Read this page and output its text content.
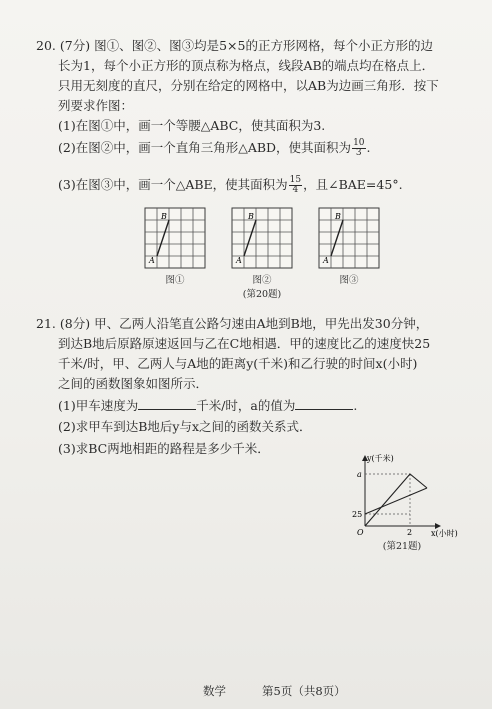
20. (7分) 图①、图②、图③均是5×5的正方形网格，每个小正方形的边
长为1，每个小正方形的顶点称为格点，线段AB的端点均在格点上．
只用无刻度的直尺，分别在给定的网格中，以AB为边画三角形．按下
列要求作图：
(1)在图①中，画一个等腰△ABC，使其面积为3.
(2)在图②中，画一个直角三角形△ABD，使其面积为 $\frac{10}{3}$ .
(3)在图③中，画一个△ABE，使其面积为 $\frac{15}{4}$ ，且∠BAE=45°.
B
A
B
A
B
A
图①	图②	图③
(第20题)
21. (8分) 甲、乙两人沿笔直公路匀速由A地到B地，甲先出发30分钟，
到达B地后原路原速返回与乙在C地相遇．甲的速度比乙的速度快25
千米/时，甲、乙两人与A地的距离y(千米)和乙行驶的时间x(小时)
之间的函数图象如图所示．
(1)甲车速度为	千米/时，a的值为	.
(2)求甲车到达B地后y与x之间的函数关系式．
(3)求BC两地相距的路程是多少千米．
y(千米)
x(小时)
a
25
O	2
(第21题)
数学	第5页（共8页）
